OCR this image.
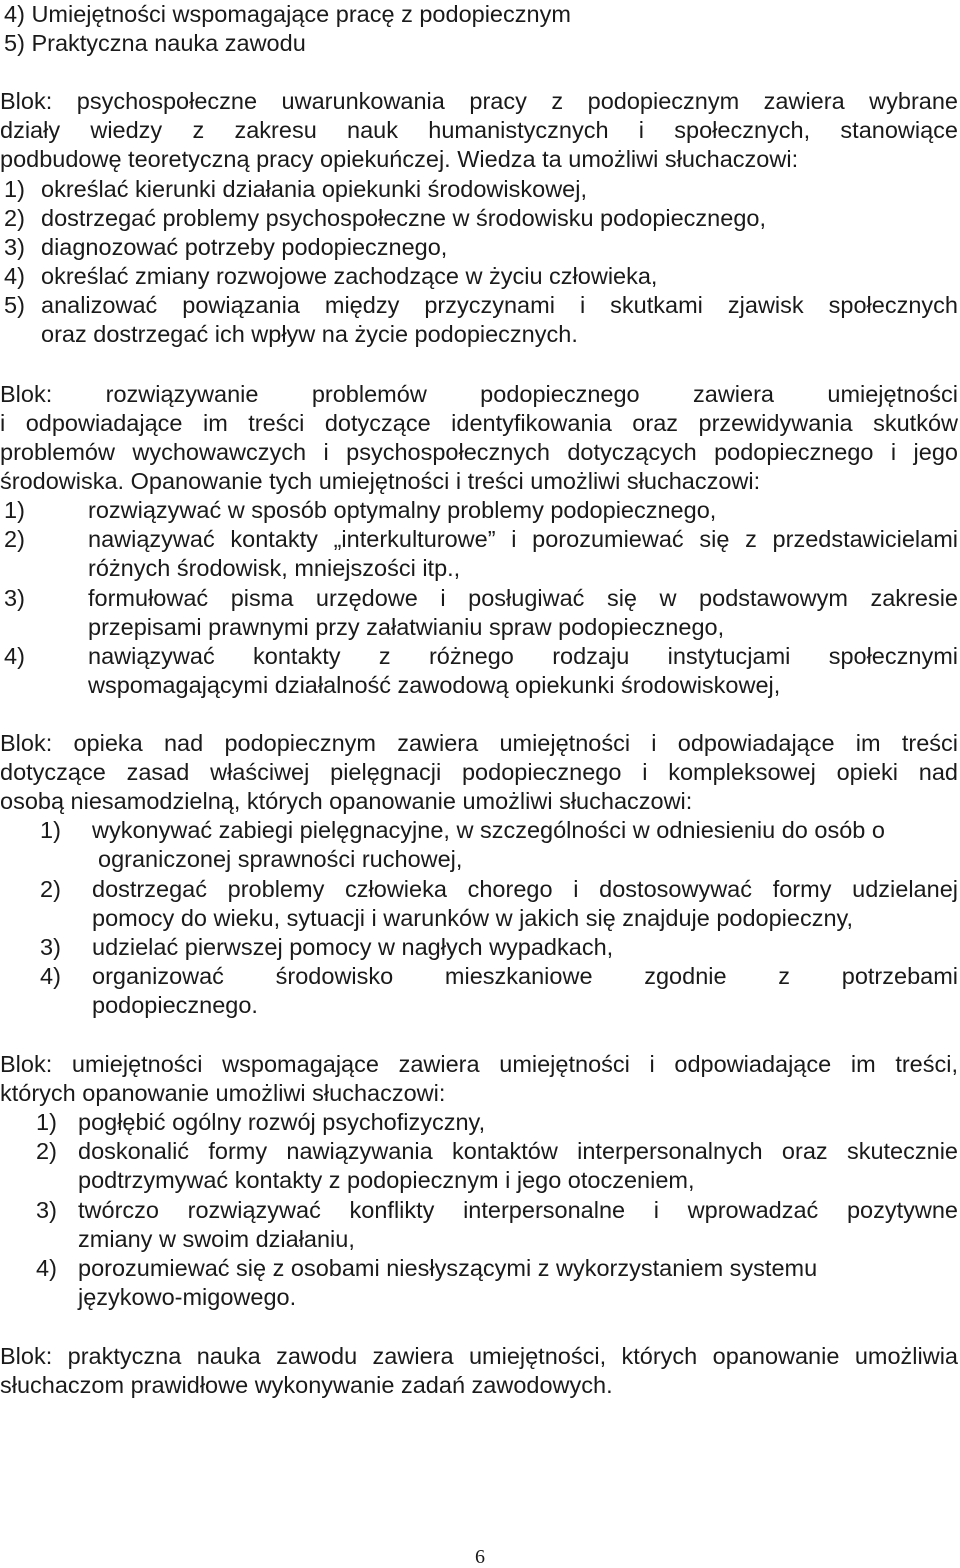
4) Umiejętności wspomagające pracę z podopiecznym
5) Praktyczna nauka zawodu
Blok: psychospołeczne uwarunkowania pracy z podopiecznym zawiera wybrane
działy wiedzy z zakresu nauk humanistycznych i społecznych, stanowiące
podbudowę teoretyczną pracy opiekuńczej. Wiedza ta umożliwi słuchaczowi:
1) określać kierunki działania opiekunki środowiskowej,
2) dostrzegać problemy psychospołeczne w środowisku podopiecznego,
3) diagnozować potrzeby podopiecznego,
4) określać zmiany rozwojowe zachodzące w życiu człowieka,
5) analizować powiązania między przyczynami i skutkami zjawisk społecznych
oraz dostrzegać ich wpływ na życie podopiecznych.
Blok: rozwiązywanie problemów podopiecznego zawiera umiejętności
i odpowiadające im treści dotyczące identyfikowania oraz przewidywania skutków
problemów wychowawczych i psychospołecznych dotyczących podopiecznego i jego
środowiska. Opanowanie tych umiejętności i treści umożliwi słuchaczowi:
1)	rozwiązywać w sposób optymalny problemy podopiecznego,
2)	nawiązywać kontakty „interkulturowe” i porozumiewać się z przedstawicielami
różnych środowisk, mniejszości itp.,
3)	formułować pisma urzędowe i posługiwać się w podstawowym zakresie
przepisami prawnymi przy załatwianiu spraw podopiecznego,
4)	nawiązywać kontakty z różnego rodzaju instytucjami społecznymi
wspomagającymi działalność zawodową opiekunki środowiskowej,
Blok: opieka nad podopiecznym zawiera umiejętności i odpowiadające im treści
dotyczące zasad właściwej pielęgnacji podopiecznego i kompleksowej opieki nad
osobą niesamodzielną, których opanowanie umożliwi słuchaczowi:
1) wykonywać zabiegi pielęgnacyjne, w szczególności w odniesieniu do osób o
ograniczonej sprawności ruchowej,
2) dostrzegać problemy człowieka chorego i dostosowywać formy udzielanej
pomocy do wieku, sytuacji i warunków w jakich się znajduje podopieczny,
3) udzielać pierwszej pomocy w nagłych wypadkach,
4) organizować środowisko mieszkaniowe zgodnie z potrzebami
podopiecznego.
Blok: umiejętności wspomagające zawiera umiejętności i odpowiadające im treści,
których opanowanie umożliwi słuchaczowi:
1) pogłębić ogólny rozwój psychofizyczny,
2) doskonalić formy nawiązywania kontaktów interpersonalnych oraz skutecznie
podtrzymywać kontakty z podopiecznym i jego otoczeniem,
3) twórczo rozwiązywać konflikty interpersonalne i wprowadzać pozytywne
zmiany w swoim działaniu,
4) porozumiewać się z osobami niesłyszącymi z wykorzystaniem systemu
językowo-migowego.
Blok: praktyczna nauka zawodu zawiera umiejętności, których opanowanie umożliwia
słuchaczom prawidłowe wykonywanie zadań zawodowych.
6
